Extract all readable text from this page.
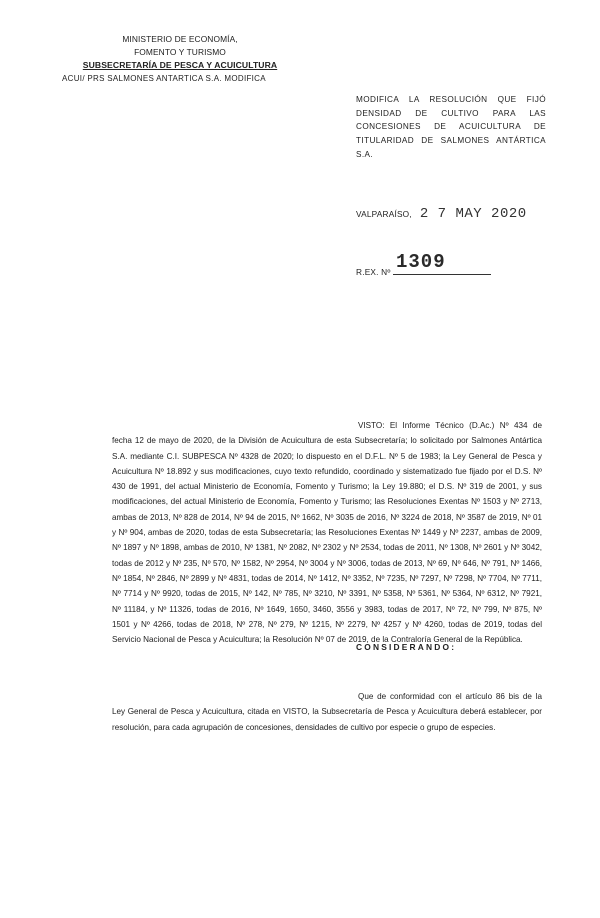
MINISTERIO DE ECONOMÍA,
FOMENTO Y TURISMO
SUBSECRETARÍA DE PESCA Y ACUICULTURA
ACUI/ PRS SALMONES ANTARTICA S.A. MODIFICA
MODIFICA LA RESOLUCIÓN QUE FIJÓ DENSIDAD DE CULTIVO PARA LAS CONCESIONES DE ACUICULTURA DE TITULARIDAD DE SALMONES ANTÁRTICA
S.A.
VALPARAÍSO, 2 7 MAY 2020
1309
R.EX. Nº
VISTO: El Informe Técnico (D.Ac.) Nº 434 de fecha 12 de mayo de 2020, de la División de Acuicultura de esta Subsecretaría; lo solicitado por Salmones Antártica S.A. mediante C.I. SUBPESCA Nº 4328 de 2020; lo dispuesto en el D.F.L. Nº 5 de 1983; la Ley General de Pesca y Acuicultura Nº 18.892 y sus modificaciones, cuyo texto refundido, coordinado y sistematizado fue fijado por el D.S. Nº 430 de 1991, del actual Ministerio de Economía, Fomento y Turismo; la Ley 19.880; el D.S. Nº 319 de 2001, y sus modificaciones, del actual Ministerio de Economía, Fomento y Turismo; las Resoluciones Exentas Nº 1503 y Nº 2713, ambas de 2013, Nº 828 de 2014, Nº 94 de 2015, Nº 1662, Nº 3035 de 2016, Nº 3224 de 2018, Nº 3587 de 2019, Nº 01 y Nº 904, ambas de 2020, todas de esta Subsecretaría; las Resoluciones Exentas Nº 1449 y Nº 2237, ambas de 2009, Nº 1897 y Nº 1898, ambas de 2010, Nº 1381, Nº 2082, Nº 2302 y Nº 2534, todas de 2011, Nº 1308, Nº 2601 y Nº 3042, todas de 2012 y Nº 235, Nº 570, Nº 1582, Nº 2954, Nº 3004 y Nº 3006, todas de 2013, Nº 69, Nº 646, Nº 791, Nº 1466, Nº 1854, Nº 2846, Nº 2899 y Nº 4831, todas de 2014, Nº 1412, Nº 3352, Nº 7235, Nº 7297, Nº 7298, Nº 7704, Nº 7711, Nº 7714 y Nº 9920, todas de 2015, Nº 142, Nº 785, Nº 3210, Nº 3391, Nº 5358, Nº 5361, Nº 5364, Nº 6312, Nº 7921, Nº 11184, y Nº 11326, todas de 2016, Nº 1649, 1650, 3460, 3556 y 3983, todas de 2017, Nº 72, Nº 799, Nº 875, Nº 1501 y Nº 4266, todas de 2018, Nº 278, Nº 279, Nº 1215, Nº 2279, Nº 4257 y Nº 4260, todas de 2019, todas del Servicio Nacional de Pesca y Acuicultura; la Resolución Nº 07 de 2019, de la Contraloría General de la República.
CONSIDERANDO:
Que de conformidad con el artículo 86 bis de la Ley General de Pesca y Acuicultura, citada en VISTO, la Subsecretaría de Pesca y Acuicultura deberá establecer, por resolución, para cada agrupación de concesiones, densidades de cultivo por especie o grupo de especies.
